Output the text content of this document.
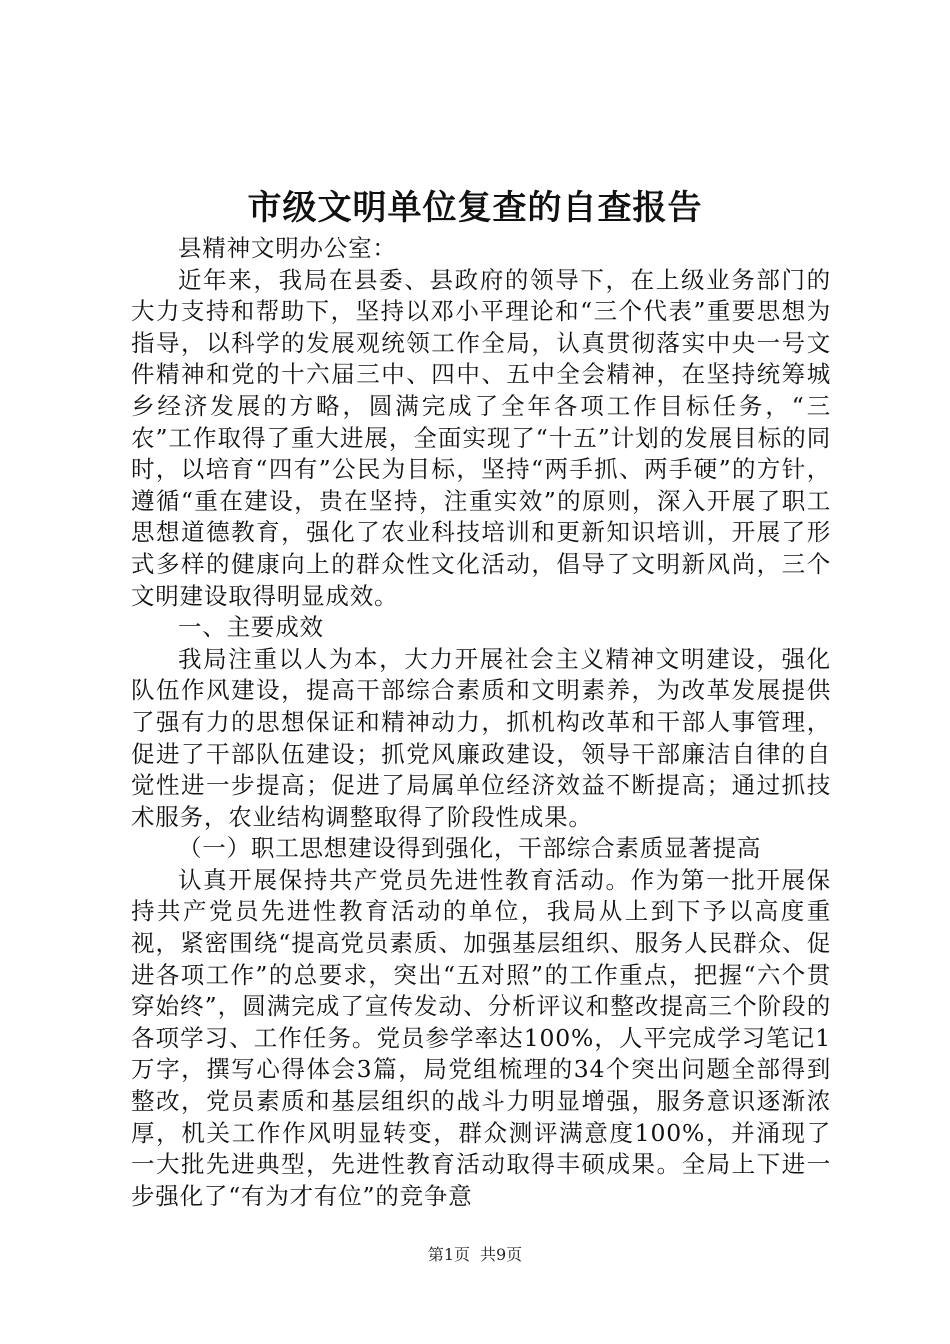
市级文明单位复查的自查报告

县精神文明办公室：

近年来，我局在县委、县政府的领导下，在上级业务部门的大力支持和帮助下，坚持以邓小平理论和“三个代表”重要思想为指导，以科学的发展观统领工作全局，认真贯彻落实中央一号文件精神和党的十六届三中、四中、五中全会精神，在坚持统筹城乡经济发展的方略，圆满完成了全年各项工作目标任务，“三农”工作取得了重大进展，全面实现了“十五”计划的发展目标的同时，以培育“四有”公民为目标，坚持“两手抓、两手硬”的方针，遵循“重在建设，贵在坚持，注重实效”的原则，深入开展了职工思想道德教育，强化了农业科技培训和更新知识培训，开展了形式多样的健康向上的群众性文化活动，倡导了文明新风尚，三个文明建设取得明显成效。

一、主要成效

我局注重以人为本，大力开展社会主义精神文明建设，强化队伍作风建设，提高干部综合素质和文明素养，为改革发展提供了强有力的思想保证和精神动力，抓机构改革和干部人事管理，促进了干部队伍建设；抓党风廉政建设，领导干部廉洁自律的自觉性进一步提高；促进了局属单位经济效益不断提高；通过抓技术服务，农业结构调整取得了阶段性成果。

（一）职工思想建设得到强化，干部综合素质显著提高

认真开展保持共产党员先进性教育活动。作为第一批开展保持共产党员先进性教育活动的单位，我局从上到下予以高度重视，紧密围绕“提高党员素质、加强基层组织、服务人民群众、促进各项工作”的总要求，突出“五对照”的工作重点，把握“六个贯穿始终”，圆满完成了宣传发动、分析评议和整改提高三个阶段的各项学习、工作任务。党员参学率达100%，人平完成学习笔记1万字，撰写心得体会3篇，局党组梳理的34个突出问题全部得到整改，党员素质和基层组织的战斗力明显增强，服务意识逐渐浓厚，机关工作作风明显转变，群众测评满意度100%，并涌现了一大批先进典型，先进性教育活动取得丰硕成果。全局上下进一步强化了“有为才有位”的竞争意

第1页 共9页
